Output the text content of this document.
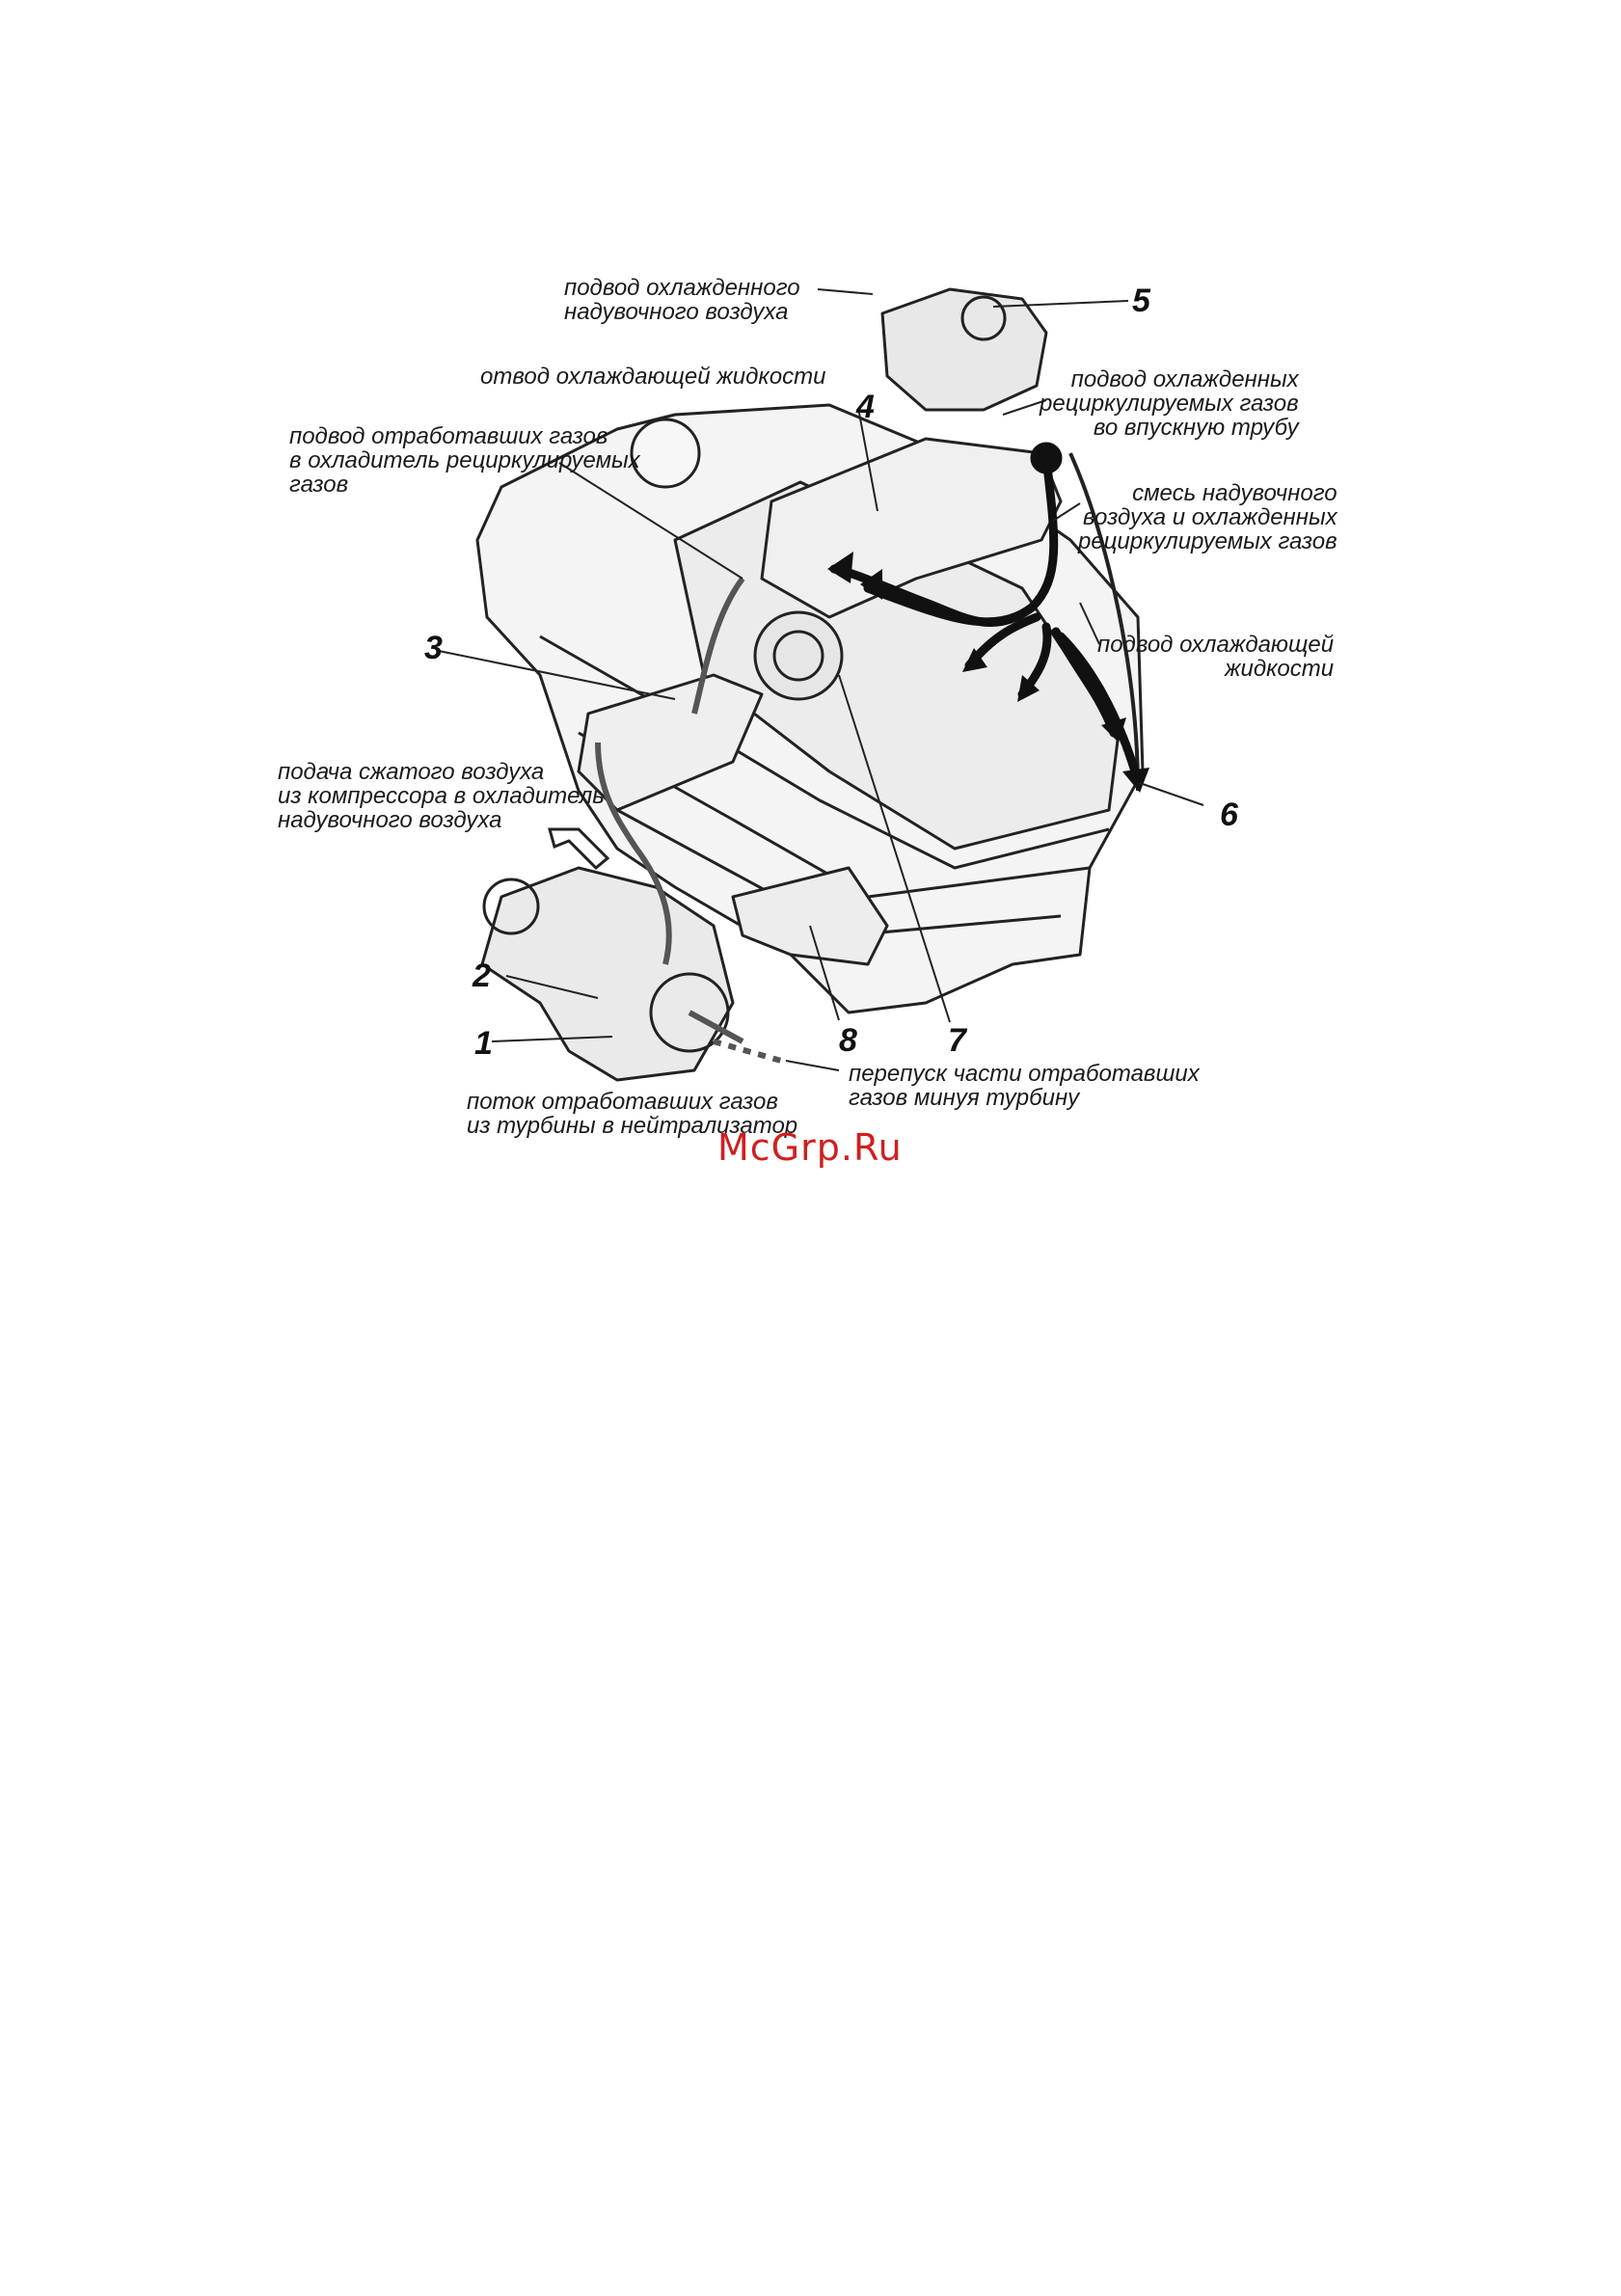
подвод охлажденного
надувочного воздуха
отвод охлаждающей жидкости
подвод отработавших газов
в охладитель рециркулируемых
газов
подвод охлажденных
рециркулируемых газов
во впускную трубу
смесь надувочного
воздуха и охлажденных
рециркулируемых газов
подвод охлаждающей
жидкости
подача сжатого воздуха
из компрессора в охладитель
надувочного воздуха
перепуск части отработавших
газов минуя турбину
поток отработавших газов
из турбины в нейтрализатор
1
2
3
4
5
6
7
8
McGrp.Ru
